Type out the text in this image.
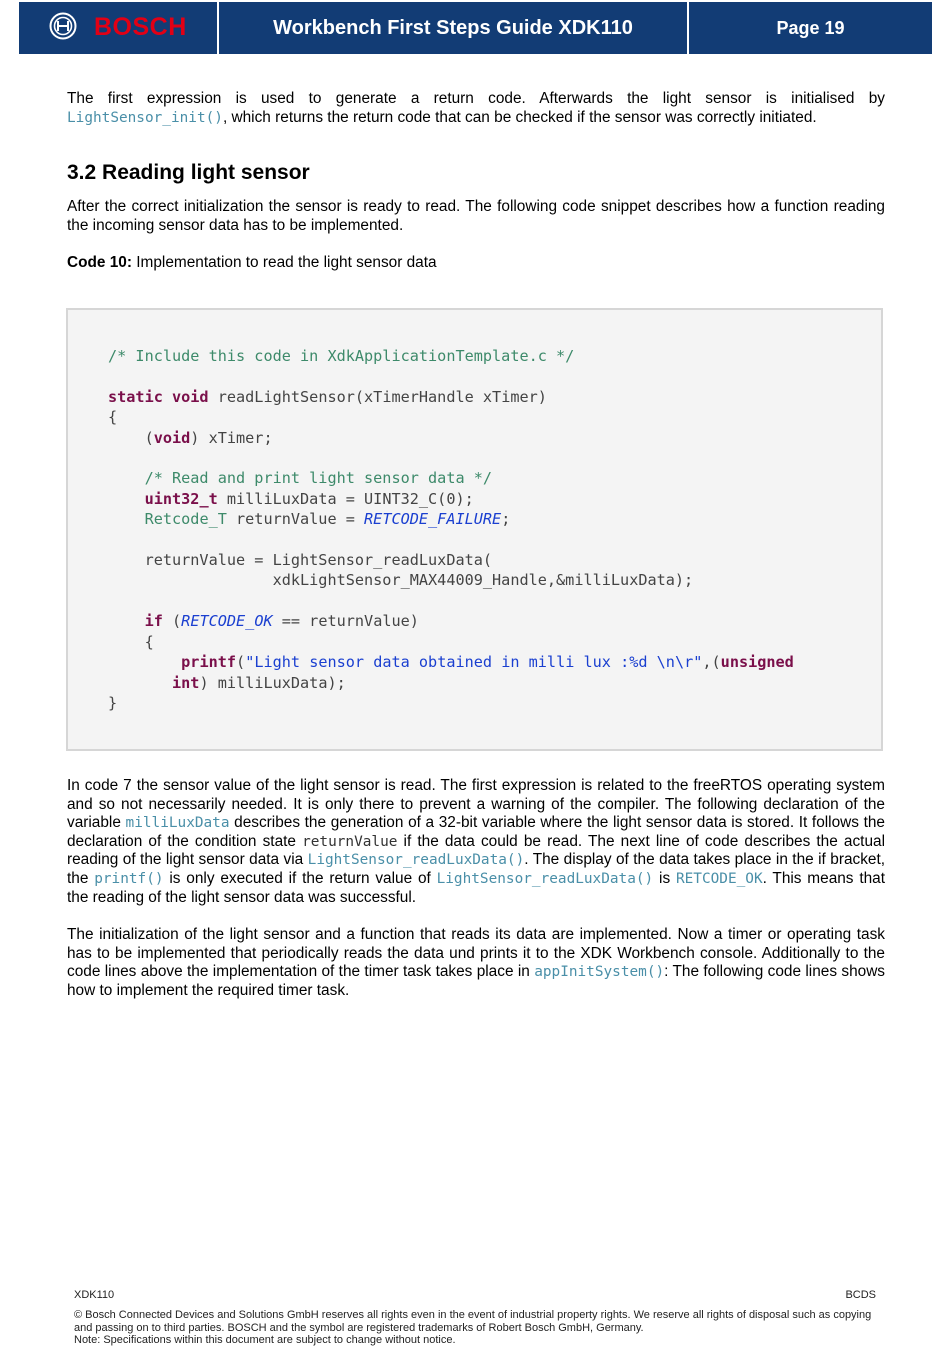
BOSCH	Workbench First Steps Guide XDK110	Page 19

The first expression is used to generate a return code. Afterwards the light sensor is initialised by LightSensor_init(), which returns the return code that can be checked if the sensor was correctly initiated.

3.2 Reading light sensor

After the correct initialization the sensor is ready to read. The following code snippet describes how a function reading the incoming sensor data has to be implemented.

Code 10: Implementation to read the light sensor data
/* Include this code in XdkApplicationTemplate.c */

static void readLightSensor(xTimerHandle xTimer)
{
(void) xTimer;

/* Read and print light sensor data */
uint32_t milliLuxData = UINT32_C(0);
Retcode_T returnValue = RETCODE_FAILURE;

returnValue = LightSensor_readLuxData(
xdkLightSensor_MAX44009_Handle,&milliLuxData);

if (RETCODE_OK == returnValue)
{
printf("Light sensor data obtained in milli lux :%d \n\r",(unsigned
int) milliLuxData);
}

In code 7 the sensor value of the light sensor is read. The first expression is related to the freeRTOS operating system and so not necessarily needed. It is only there to prevent a warning of the compiler. The following declaration of the variable milliLuxData describes the generation of a 32-bit variable where the light sensor data is stored. It follows the declaration of the condition state returnValue if the data could be read. The next line of code describes the actual reading of the light sensor data via LightSensor_readLuxData(). The display of the data takes place in the if bracket, the printf() is only executed if the return value of LightSensor_readLuxData() is RETCODE_OK. This means that the reading of the light sensor data was successful.

The initialization of the light sensor and a function that reads its data are implemented. Now a timer or operating task has to be implemented that periodically reads the data und prints it to the XDK Workbench console. Additionally to the code lines above the implementation of the timer task takes place in appInitSystem(): The following code lines shows how to implement the required timer task.

XDK110	BCDS
© Bosch Connected Devices and Solutions GmbH reserves all rights even in the event of industrial property rights. We reserve all rights of disposal such as copying and passing on to third parties. BOSCH and the symbol are registered trademarks of Robert Bosch GmbH, Germany.
Note: Specifications within this document are subject to change without notice.
